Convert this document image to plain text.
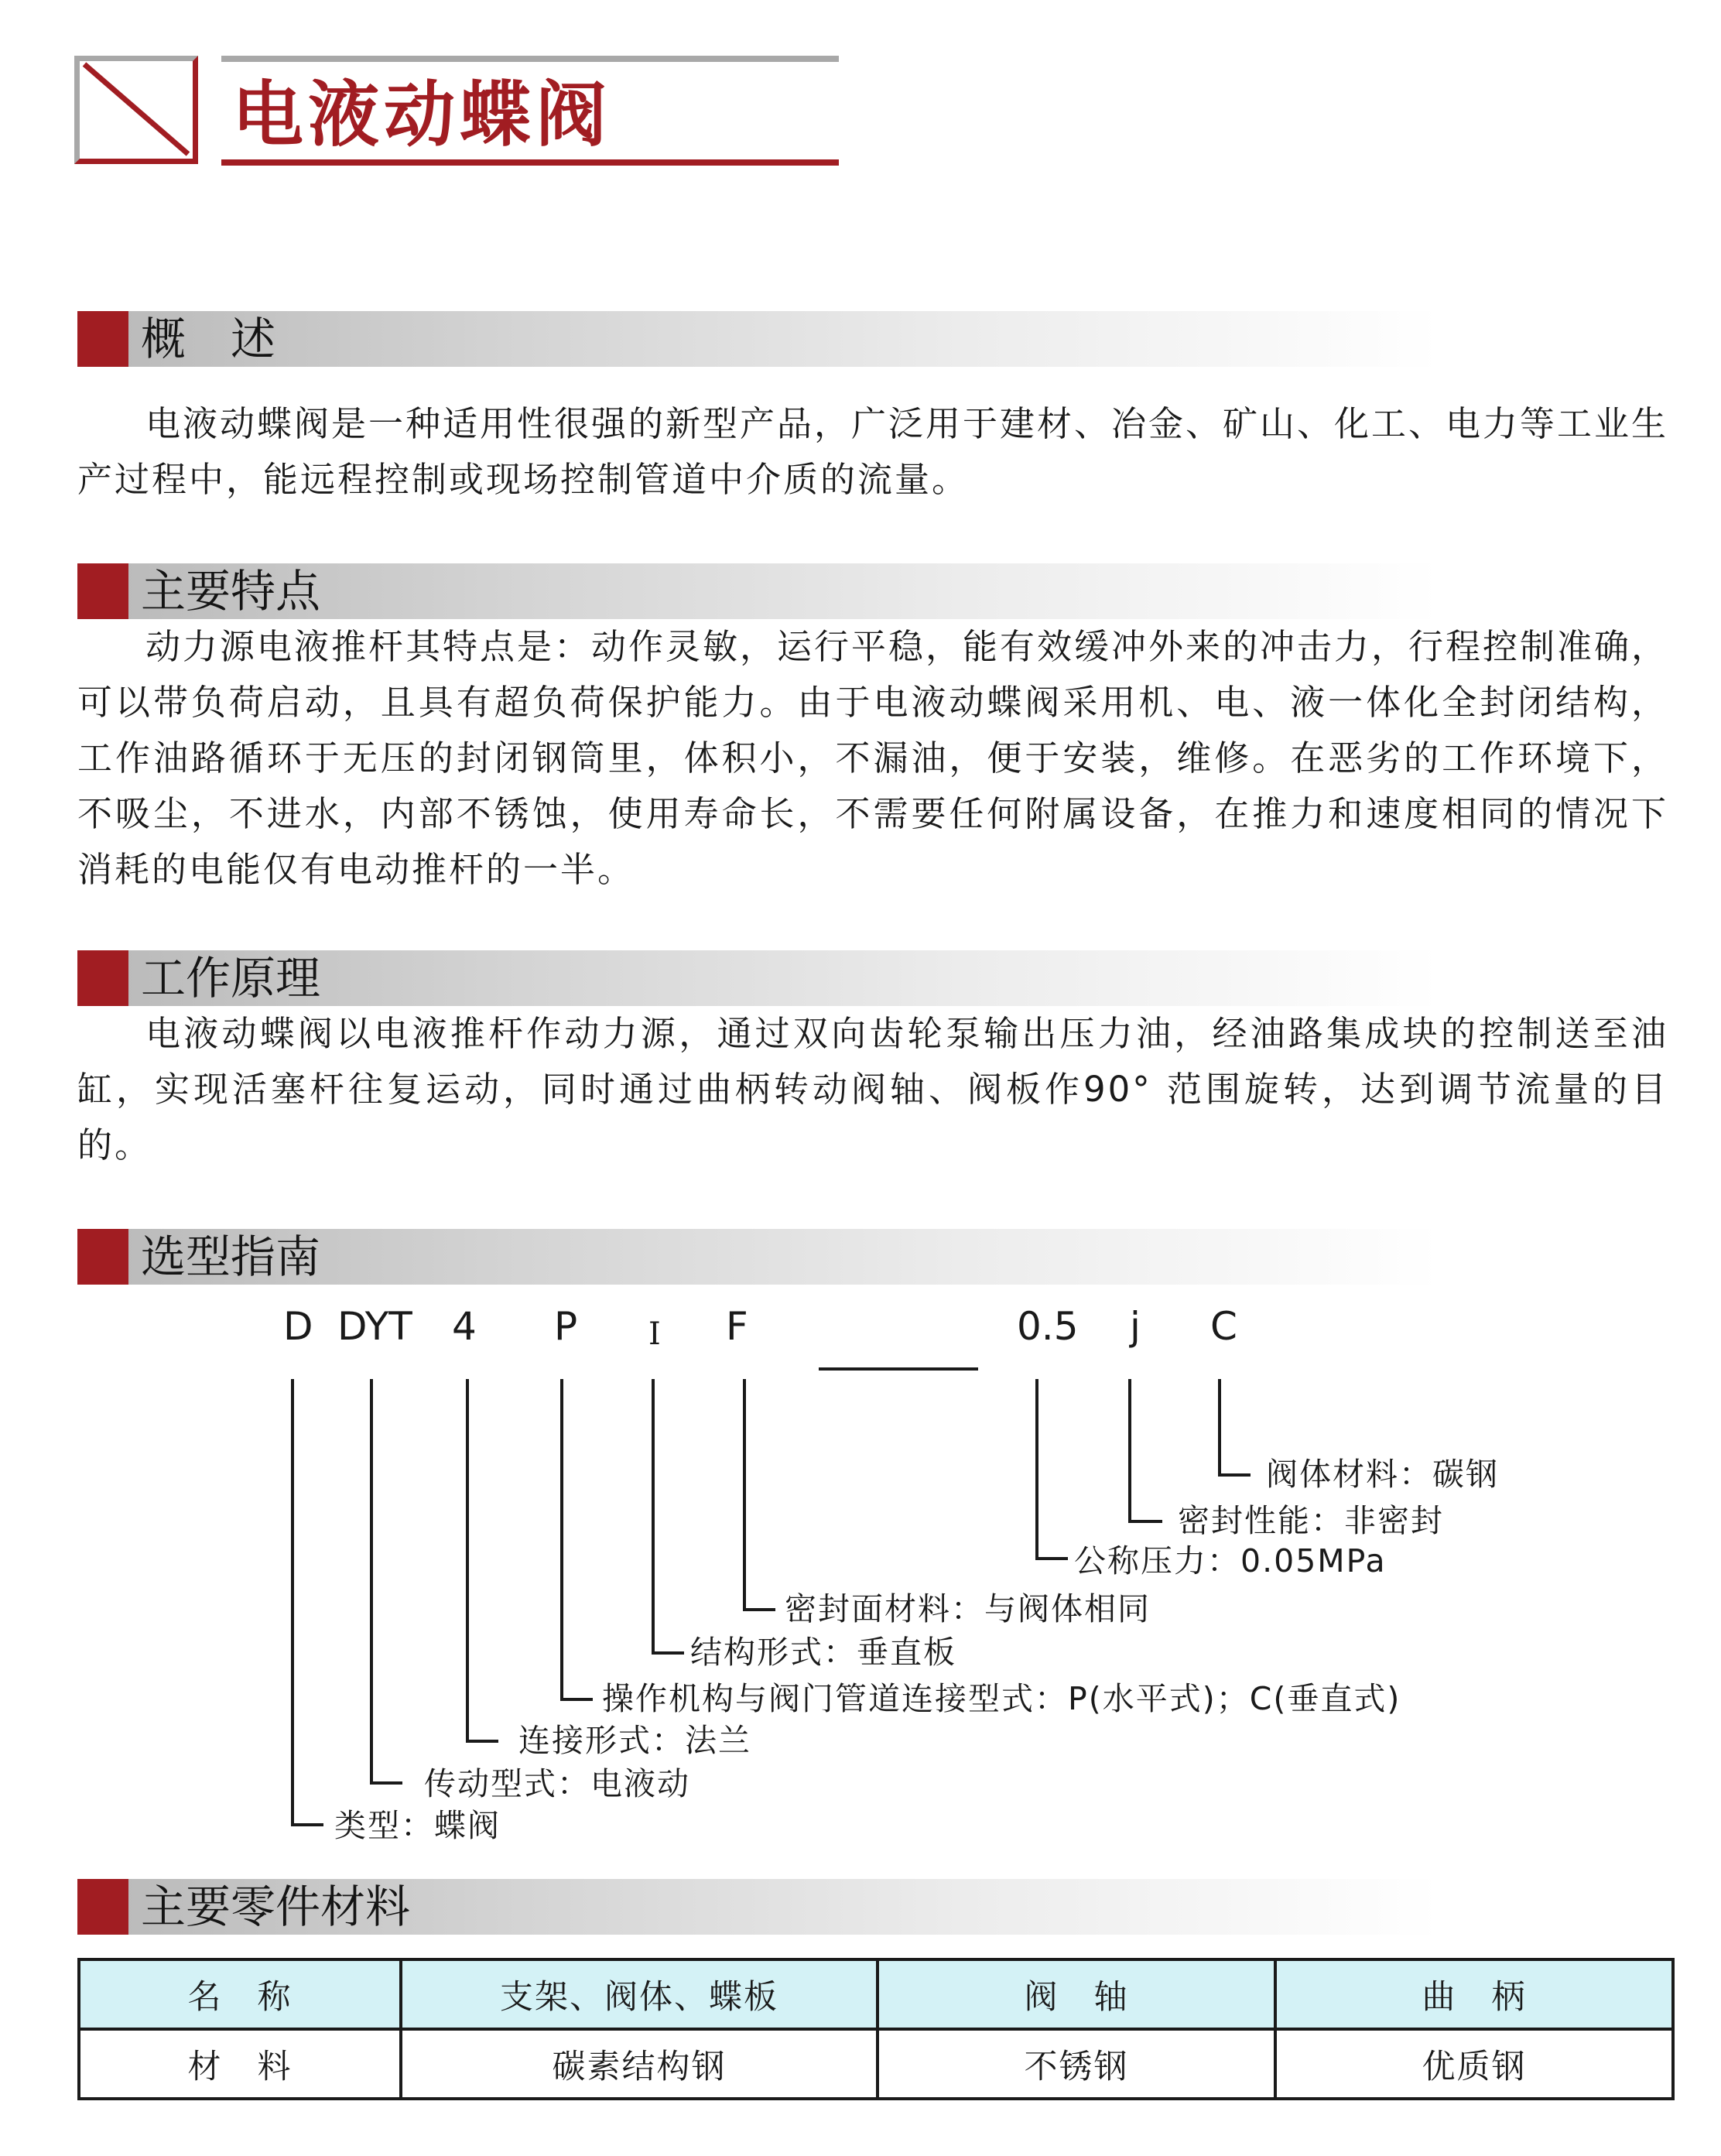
电液动蝶阀
概　述
电液动蝶阀是一种适用性很强的新型产品，广泛用于建材、冶金、矿山、化工、电力等工业生产过程中，能远程控制或现场控制管道中介质的流量。
主要特点
动力源电液推杆其特点是：动作灵敏，运行平稳，能有效缓冲外来的冲击力，行程控制准确，可以带负荷启动，且具有超负荷保护能力。由于电液动蝶阀采用机、电、液一体化全封闭结构，工作油路循环于无压的封闭钢筒里，体积小，不漏油，便于安装，维修。在恶劣的工作环境下，不吸尘，不进水，内部不锈蚀，使用寿命长，不需要任何附属设备，在推力和速度相同的情况下消耗的电能仅有电动推杆的一半。
工作原理
电液动蝶阀以电液推杆作动力源，通过双向齿轮泵输出压力油，经油路集成块的控制送至油缸，实现活塞杆往复运动，同时通过曲柄转动阀轴、阀板作90° 范围旋转，达到调节流量的目的。
选型指南
D DYT 4 P Ⅰ F	0.5 j C
阀体材料：碳钢
密封性能：非密封
公称压力：0.05MPa
密封面材料：与阀体相同
结构形式：垂直板
操作机构与阀门管道连接型式：P(水平式)；C(垂直式)
连接形式：法兰
传动型式：电液动
类型：蝶阀
主要零件材料
名　称	支架、阀体、蝶板	阀　轴	曲　柄
材　料	碳素结构钢	不锈钢	优质钢
